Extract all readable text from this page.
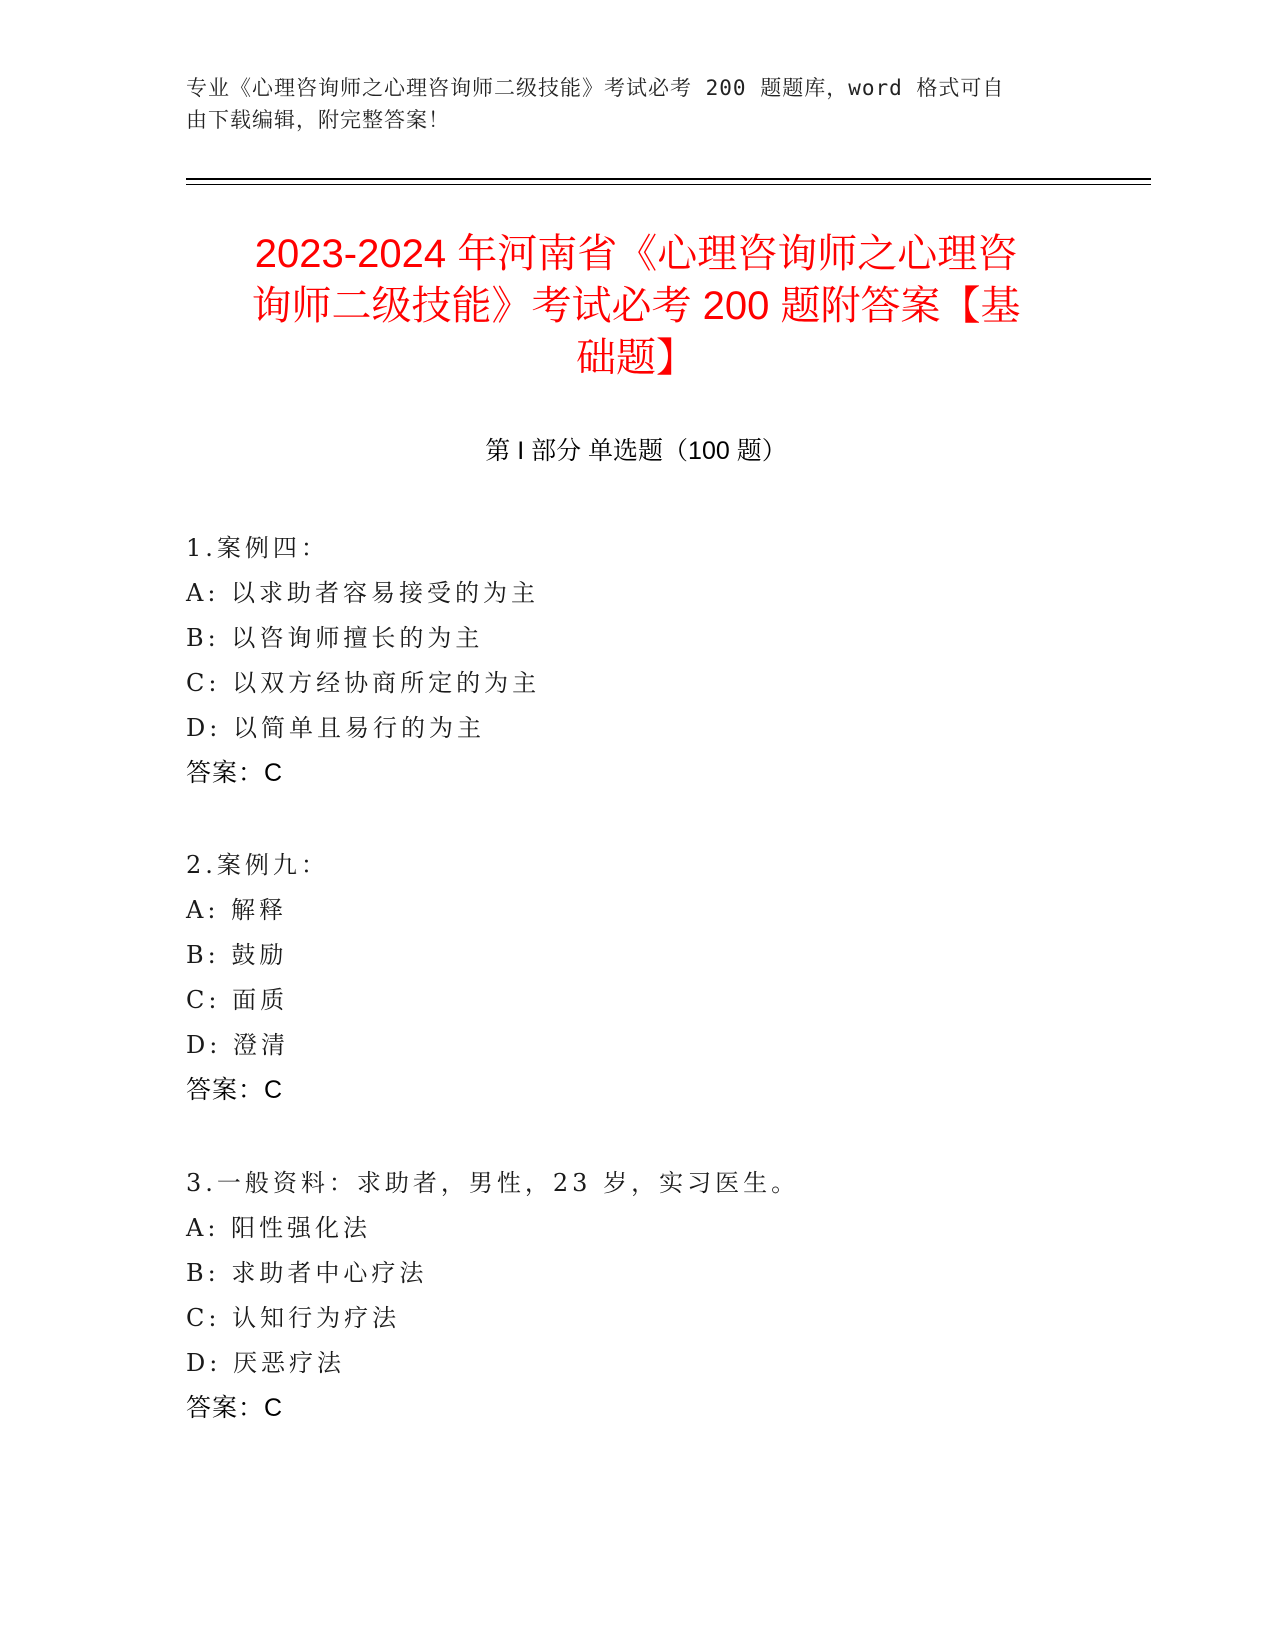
专业《心理咨询师之心理咨询师二级技能》考试必考 200 题题库，word 格式可自
由下载编辑，附完整答案！
2023-2024 年河南省《心理咨询师之心理咨
询师二级技能》考试必考 200 题附答案【基
础题】
第 I 部分 单选题（100 题）
1.案例四：
A: 以求助者容易接受的为主
B: 以咨询师擅长的为主
C: 以双方经协商所定的为主
D: 以简单且易行的为主
答案：C
2.案例九：
A: 解释
B: 鼓励
C: 面质
D: 澄清
答案：C
3.一般资料：求助者，男性，23 岁，实习医生。
A: 阳性强化法
B: 求助者中心疗法
C: 认知行为疗法
D: 厌恶疗法
答案：C
